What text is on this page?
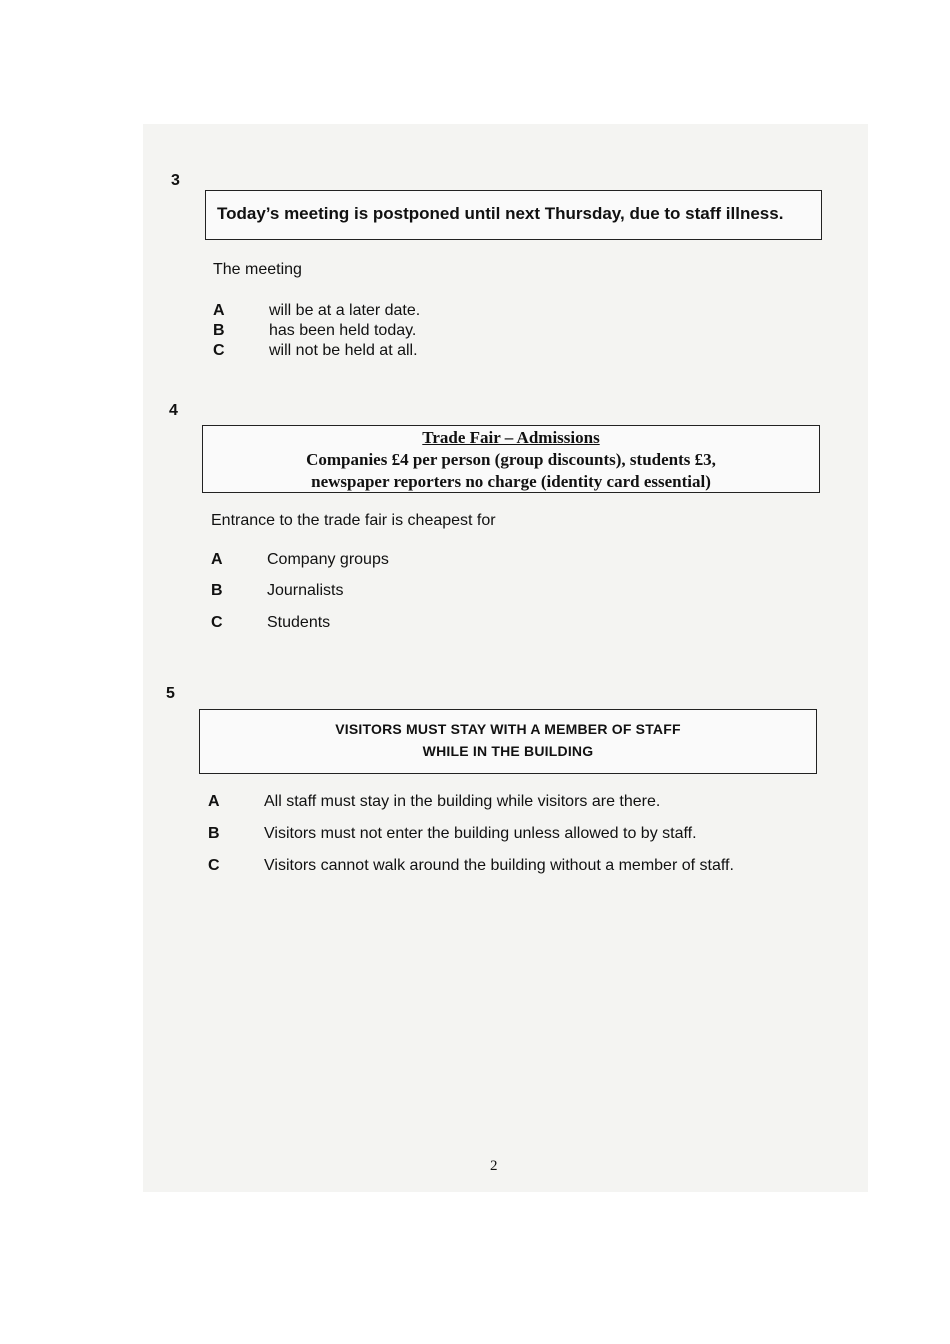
3
Today’s meeting is postponed until next Thursday, due to staff illness.
The meeting
A	will be at a later date.
B	has been held today.
C	will not be held at all.
4
Trade Fair – Admissions
Companies £4 per person (group discounts), students £3,
newspaper reporters no charge (identity card essential)
Entrance to the trade fair is cheapest for
A	Company groups
B	Journalists
C	Students
5
VISITORS MUST STAY WITH A MEMBER OF STAFF
WHILE IN THE BUILDING
A	All staff must stay in the building while visitors are there.
B	Visitors must not enter the building unless allowed to by staff.
C	Visitors cannot walk around the building without a member of staff.
2
